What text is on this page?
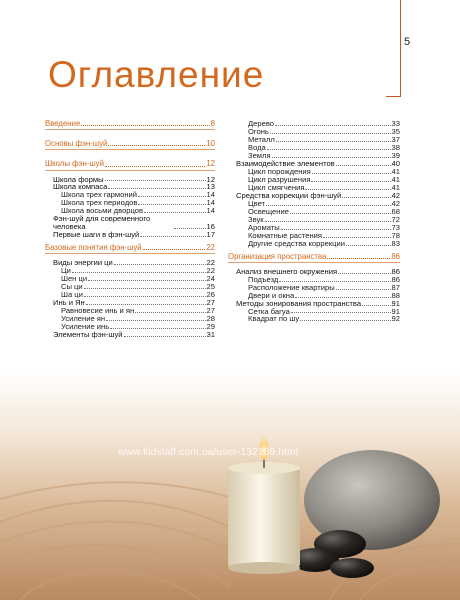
5
Оглавление
Введение	8
Основы фэн-шуй	10
Школы фэн-шуй	12
Школа формы	12
Школа компаса	13
Школа трех гармоний	14
Школа трех периодов	14
Школа восьми дворцов	14
Фэн-шуй для современного человека	16
Первые шаги в фэн-шуй	17
Базовые понятия фэн-шуй	22
Виды энергии ци	22
Ци	22
Шен ци	24
Сы ци	25
Ша ци	26
Инь и Ян	27
Равновесие инь и ян	27
Усиление ян	28
Усиление инь	29
Элементы фэн-шуй	31
Дерево	33
Огонь	35
Металл	37
Вода	38
Земля	39
Взаимодействие элементов	40
Цикл порождения	41
Цикл разрушения	41
Цикл смягчения	41
Средства коррекции фэн-шуй	42
Цвет	42
Освещение	68
Звук	72
Ароматы	73
Комнатные растения	78
Другие средства коррекции	83
Организация пространства	86
Анализ внешнего окружения	86
Подъезд	86
Расположение квартиры	87
Двери и окна	88
Методы зонирования пространства	91
Сетка багуа	91
Квадрат по шу	92
www.kidstaff.com.ua/user-132189.html
